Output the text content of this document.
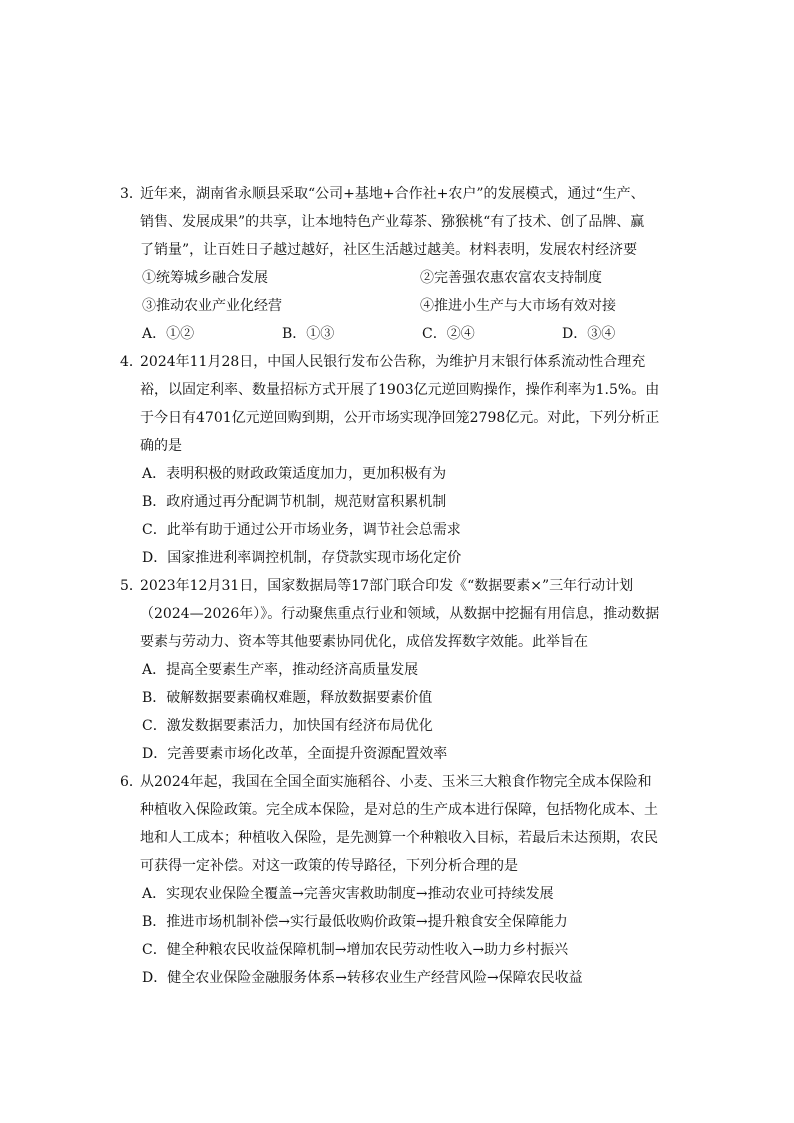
3．近年来，湖南省永顺县采取“公司+基地+合作社+农户”的发展模式，通过“生产、
销售、发展成果”的共享，让本地特色产业莓茶、猕猴桃“有了技术、创了品牌、赢
了销量”，让百姓日子越过越好，社区生活越过越美。材料表明，发展农村经济要
①统筹城乡融合发展	②完善强农惠农富农支持制度
③推动农业产业化经营	④推进小生产与大市场有效对接
A．①②	B．①③	C．②④	D．③④
4．2024年11月28日，中国人民银行发布公告称，为维护月末银行体系流动性合理充
裕，以固定利率、数量招标方式开展了1903亿元逆回购操作，操作利率为1.5%。由
于今日有4701亿元逆回购到期，公开市场实现净回笼2798亿元。对此，下列分析正
确的是
A．表明积极的财政政策适度加力，更加积极有为
B．政府通过再分配调节机制，规范财富积累机制
C．此举有助于通过公开市场业务，调节社会总需求
D．国家推进利率调控机制，存贷款实现市场化定价
5．2023年12月31日，国家数据局等17部门联合印发《“数据要素×”三年行动计划
（2024—2026年）》。行动聚焦重点行业和领域，从数据中挖掘有用信息，推动数据
要素与劳动力、资本等其他要素协同优化，成倍发挥数字效能。此举旨在
A．提高全要素生产率，推动经济高质量发展
B．破解数据要素确权难题，释放数据要素价值
C．激发数据要素活力，加快国有经济布局优化
D．完善要素市场化改革，全面提升资源配置效率
6．从2024年起，我国在全国全面实施稻谷、小麦、玉米三大粮食作物完全成本保险和
种植收入保险政策。完全成本保险，是对总的生产成本进行保障，包括物化成本、土
地和人工成本；种植收入保险，是先测算一个种粮收入目标，若最后未达预期，农民
可获得一定补偿。对这一政策的传导路径，下列分析合理的是
A．实现农业保险全覆盖→完善灾害救助制度→推动农业可持续发展
B．推进市场机制补偿→实行最低收购价政策→提升粮食安全保障能力
C．健全种粮农民收益保障机制→增加农民劳动性收入→助力乡村振兴
D．健全农业保险金融服务体系→转移农业生产经营风险→保障农民收益
